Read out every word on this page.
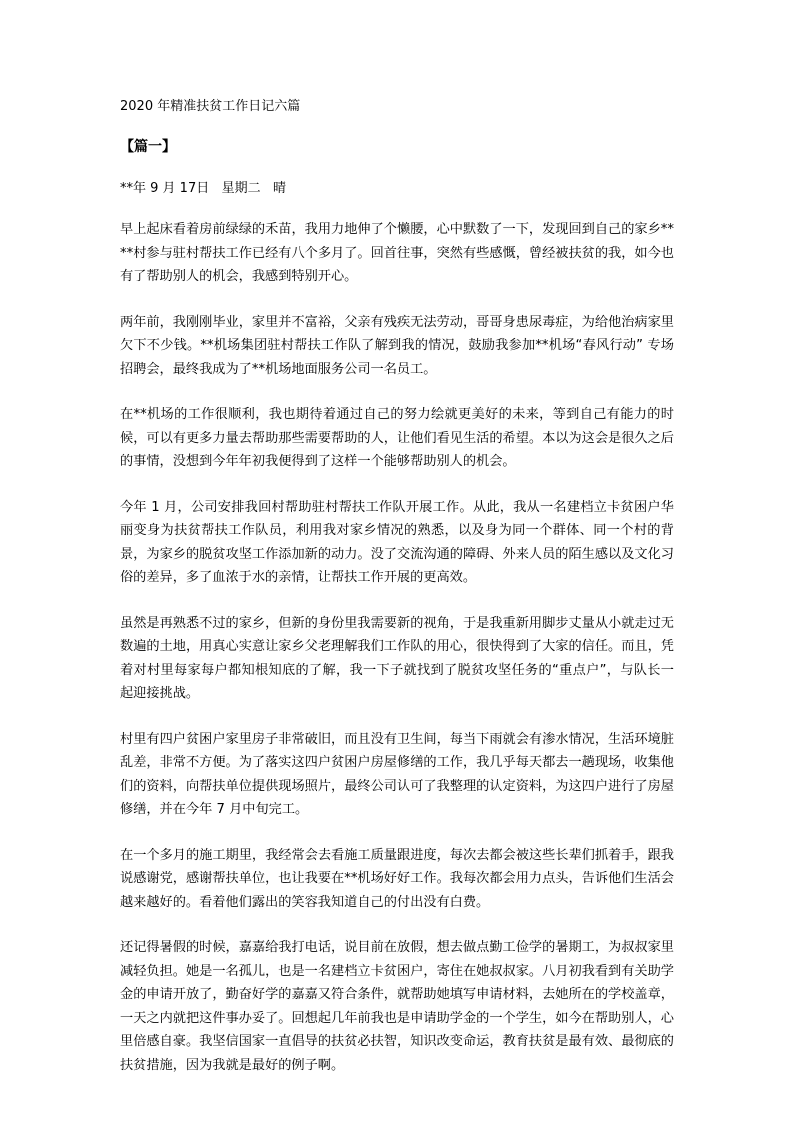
2020 年精准扶贫工作日记六篇
【篇一】
**年 9 月 17日   星期二   晴

早上起床看着房前绿绿的禾苗，我用力地伸了个懒腰，心中默数了一下，发现回到自己的家乡****村参与驻村帮扶工作已经有八个多月了。回首往事，突然有些感慨，曾经被扶贫的我，如今也有了帮助别人的机会，我感到特别开心。

两年前，我刚刚毕业，家里并不富裕，父亲有残疾无法劳动，哥哥身患尿毒症，为给他治病家里欠下不少钱。**机场集团驻村帮扶工作队了解到我的情况，鼓励我参加**机场“春风行动” 专场招聘会，最终我成为了**机场地面服务公司一名员工。

在**机场的工作很顺利，我也期待着通过自己的努力绘就更美好的未来，等到自己有能力的时候，可以有更多力量去帮助那些需要帮助的人，让他们看见生活的希望。本以为这会是很久之后的事情，没想到今年年初我便得到了这样一个能够帮助别人的机会。

今年 1 月，公司安排我回村帮助驻村帮扶工作队开展工作。从此，我从一名建档立卡贫困户华丽变身为扶贫帮扶工作队员，利用我对家乡情况的熟悉，以及身为同一个群体、同一个村的背景，为家乡的脱贫攻坚工作添加新的动力。没了交流沟通的障碍、外来人员的陌生感以及文化习俗的差异，多了血浓于水的亲情，让帮扶工作开展的更高效。

虽然是再熟悉不过的家乡，但新的身份里我需要新的视角，于是我重新用脚步丈量从小就走过无数遍的土地，用真心实意让家乡父老理解我们工作队的用心，很快得到了大家的信任。而且，凭着对村里每家每户都知根知底的了解，我一下子就找到了脱贫攻坚任务的“重点户”，与队长一起迎接挑战。

村里有四户贫困户家里房子非常破旧，而且没有卫生间，每当下雨就会有渗水情况，生活环境脏乱差，非常不方便。为了落实这四户贫困户房屋修缮的工作，我几乎每天都去一趟现场，收集他们的资料，向帮扶单位提供现场照片，最终公司认可了我整理的认定资料，为这四户进行了房屋修缮，并在今年 7 月中旬完工。

在一个多月的施工期里，我经常会去看施工质量跟进度，每次去都会被这些长辈们抓着手，跟我说感谢党，感谢帮扶单位，也让我要在**机场好好工作。我每次都会用力点头，告诉他们生活会越来越好的。看着他们露出的笑容我知道自己的付出没有白费。

还记得暑假的时候，嘉嘉给我打电话，说目前在放假，想去做点勤工俭学的暑期工，为叔叔家里减轻负担。她是一名孤儿，也是一名建档立卡贫困户，寄住在她叔叔家。八月初我看到有关助学金的申请开放了，勤奋好学的嘉嘉又符合条件，就帮助她填写申请材料，去她所在的学校盖章，一天之内就把这件事办妥了。回想起几年前我也是申请助学金的一个学生，如今在帮助别人，心里倍感自豪。我坚信国家一直倡导的扶贫必扶智，知识改变命运，教育扶贫是最有效、最彻底的扶贫措施，因为我就是最好的例子啊。
